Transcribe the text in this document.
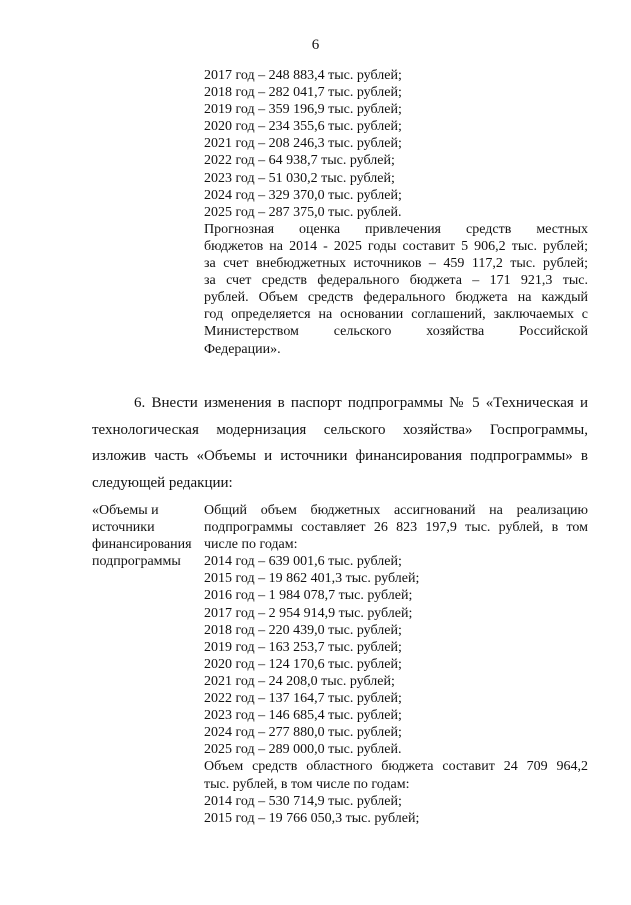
6
2017 год – 248 883,4 тыс. рублей;
2018 год – 282 041,7 тыс. рублей;
2019 год – 359 196,9 тыс. рублей;
2020 год – 234 355,6 тыс. рублей;
2021 год – 208 246,3 тыс. рублей;
2022 год – 64 938,7 тыс. рублей;
2023 год – 51 030,2 тыс. рублей;
2024 год – 329 370,0 тыс. рублей;
2025 год – 287 375,0 тыс. рублей.
Прогнозная оценка привлечения средств местных
бюджетов на 2014 - 2025 годы составит 5 906,2 тыс. рублей;
за счет внебюджетных источников – 459 117,2 тыс. рублей;
за счет средств федерального бюджета – 171 921,3 тыс.
рублей. Объем средств федерального бюджета на каждый
год определяется на основании соглашений, заключаемых с
Министерством сельского хозяйства Российской
Федерации».
6. Внести изменения в паспорт подпрограммы № 5 «Техническая и
технологическая модернизация сельского хозяйства» Госпрограммы,
изложив часть «Объемы и источники финансирования подпрограммы» в
следующей редакции:
«Объемы и
источники
финансирования
подпрограммы
Общий объем бюджетных ассигнований на реализацию
подпрограммы составляет 26 823 197,9 тыс. рублей, в том
числе по годам:
2014 год – 639 001,6 тыс. рублей;
2015 год – 19 862 401,3 тыс. рублей;
2016 год – 1 984 078,7 тыс. рублей;
2017 год – 2 954 914,9 тыс. рублей;
2018 год – 220 439,0 тыс. рублей;
2019 год – 163 253,7 тыс. рублей;
2020 год – 124 170,6 тыс. рублей;
2021 год – 24 208,0 тыс. рублей;
2022 год – 137 164,7 тыс. рублей;
2023 год – 146 685,4 тыс. рублей;
2024 год – 277 880,0 тыс. рублей;
2025 год – 289 000,0 тыс. рублей.
Объем средств областного бюджета составит 24 709 964,2
тыс. рублей, в том числе по годам:
2014 год – 530 714,9 тыс. рублей;
2015 год – 19 766 050,3 тыс. рублей;
